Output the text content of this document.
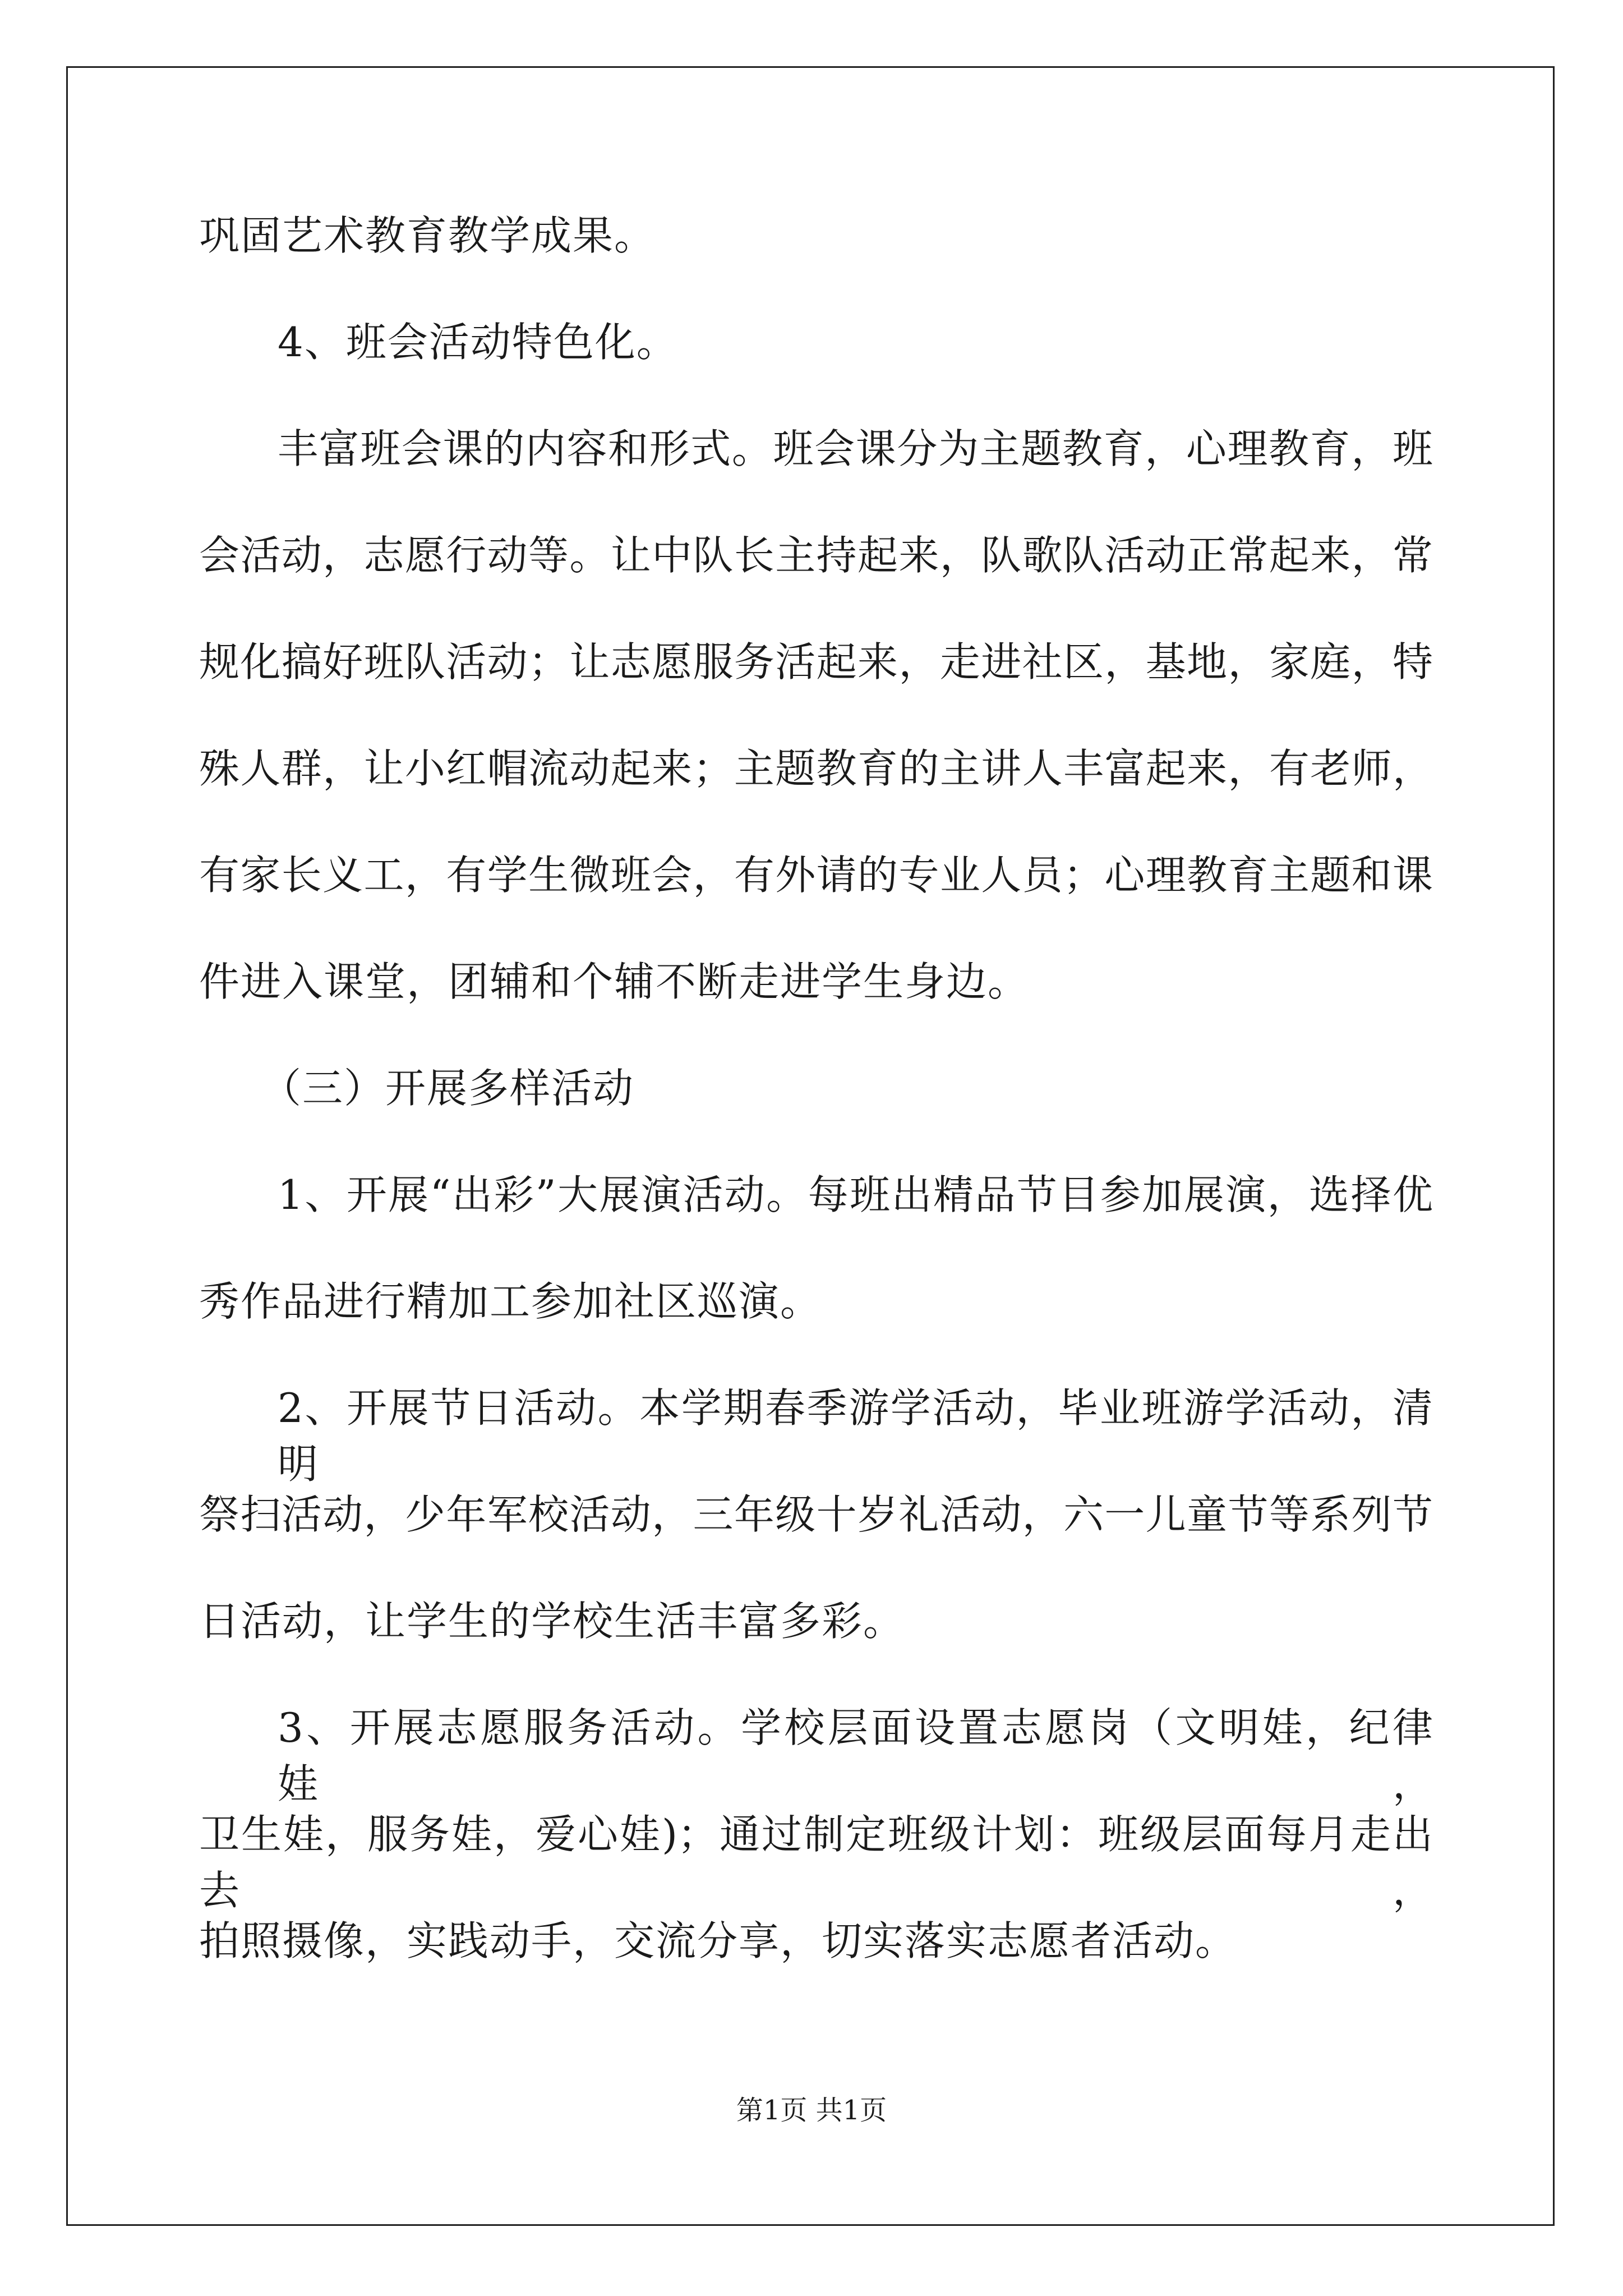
巩固艺术教育教学成果。
4、班会活动特色化。
丰富班会课的内容和形式。班会课分为主题教育，心理教育，班
会活动，志愿行动等。让中队长主持起来，队歌队活动正常起来，常
规化搞好班队活动；让志愿服务活起来，走进社区，基地，家庭，特
殊人群，让小红帽流动起来；主题教育的主讲人丰富起来，有老师，
有家长义工，有学生微班会，有外请的专业人员；心理教育主题和课
件进入课堂，团辅和个辅不断走进学生身边。
（三）开展多样活动
1、开展“出彩”大展演活动。每班出精品节目参加展演，选择优
秀作品进行精加工参加社区巡演。
2、开展节日活动。本学期春季游学活动，毕业班游学活动，清明
祭扫活动，少年军校活动，三年级十岁礼活动，六一儿童节等系列节
日活动，让学生的学校生活丰富多彩。
3、开展志愿服务活动。学校层面设置志愿岗（文明娃，纪律娃，
卫生娃，服务娃，爱心娃)；通过制定班级计划：班级层面每月走出去，
拍照摄像，实践动手，交流分享，切实落实志愿者活动。
第1页 共1页
